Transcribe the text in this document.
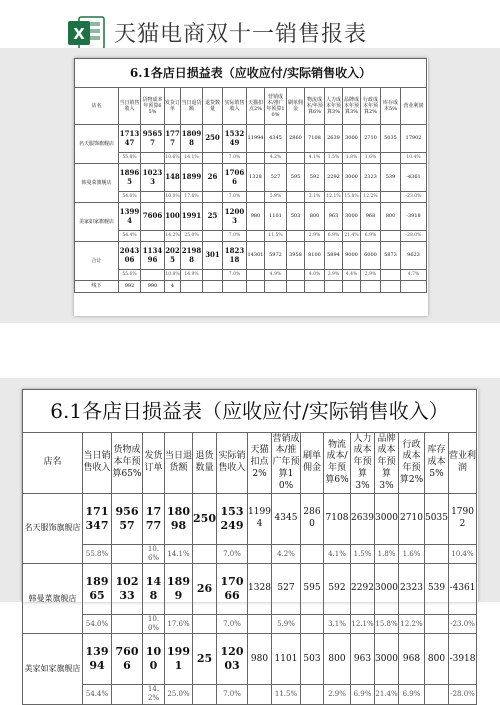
X 天猫电商双十一销售报表
6.1各店日损益表（应收应付/实际销售收入）															
店名	当日销售收入	货物成本年预算65%	发货订单	当日退货额	退货数量	实际销售收入	天猫扣点2%	营销成本/推广年预算10%	刷单佣金	物流成本/年预算6%	人力成本年预算3%	品牌成本年预算3%	行政成本年预算2%	库存成本5%	营业利润
名天服饰旗舰店	171347	95657	1777	18098	250	153249	11994	4345	2860	7108	2639	3000	2710	5035	17902
	55.8%		10.6%	14.1%		7.0%		4.2%		4.1%	1.5%	1.8%	1.6%		10.4%
韩曼菜旗舰店	18965	10233	148	1899	26	17066	1328	527	595	592	2292	3000	2323	539	-4361
	54.0%		10.0%	17.6%		7.0%		5.9%		3.1%	12.1%	15.8%	12.2%		-23.0%
美家如家旗舰店	13994	7606	100	1991	25	12003	980	1101	503	800	963	3000	968	800	-3918
	54.4%		14.2%	25.0%		7.0%		11.5%		2.9%	6.9%	21.4%	6.9%		-28.0%
合计	204306	113496	2025	21988	301	182318	14301	5972	3958	8100	5894	9000	6000	5873	9623
	55.6%		10.8%	14.9%		7.0%		4.9%		4.0%	2.9%	4.4%	2.9%		4.7%
线下	992	990	4												
6.1各店日损益表（应收应付/实际销售收入）															
店名	当日销售收入	货物成本年预算65%	发货订单	当日退货额	退货数量	实际销售收入	天猫扣点2%	营销成本/推广年预算10%	刷单佣金	物流成本/年预算6%	人力成本年预算3%	品牌成本年预算3%	行政成本年预算2%	库存成本5%	营业利润
名天服饰旗舰店	171347	95657	1777	18098	250	153249	11994	4345	2860	7108	2639	3000	2710	5035	17902
	55.8%		10.6%	14.1%		7.0%		4.2%		4.1%	1.5%	1.8%	1.6%		10.4%
韩曼菜旗舰店	18965	10233	148	1899	26	17066	1328	527	595	592	2292	3000	2323	539	-4361
	54.0%		10.0%	17.6%		7.0%		5.9%		3.1%	12.1%	15.8%	12.2%		-23.0%
美家如家旗舰店	13994	7606	100	1991	25	12003	980	1101	503	800	963	3000	968	800	-3918
	54.4%		14.2%	25.0%		7.0%		11.5%		2.9%	6.9%	21.4%	6.9%		-28.0%
